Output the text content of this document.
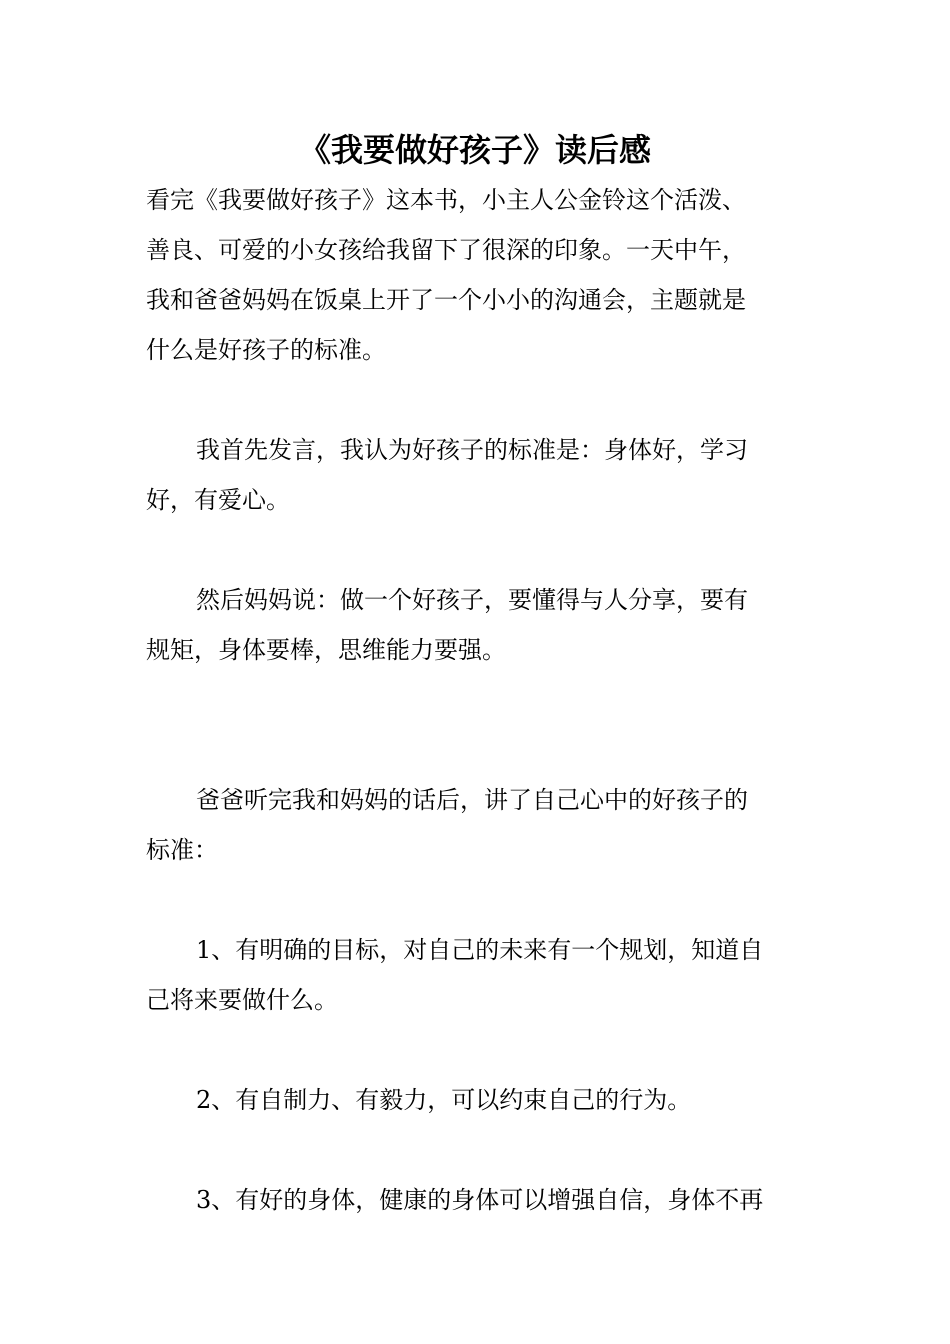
《我要做好孩子》读后感
看完《我要做好孩子》这本书，小主人公金铃这个活泼、
善良、可爱的小女孩给我留下了很深的印象。一天中午，
我和爸爸妈妈在饭桌上开了一个小小的沟通会，主题就是
什么是好孩子的标准。
我首先发言，我认为好孩子的标准是：身体好，学习
好，有爱心。
然后妈妈说：做一个好孩子，要懂得与人分享，要有
规矩，身体要棒，思维能力要强。
爸爸听完我和妈妈的话后，讲了自己心中的好孩子的
标准：
1、有明确的目标，对自己的未来有一个规划，知道自
己将来要做什么。
2、有自制力、有毅力，可以约束自己的行为。
3、有好的身体，健康的身体可以增强自信，身体不再
